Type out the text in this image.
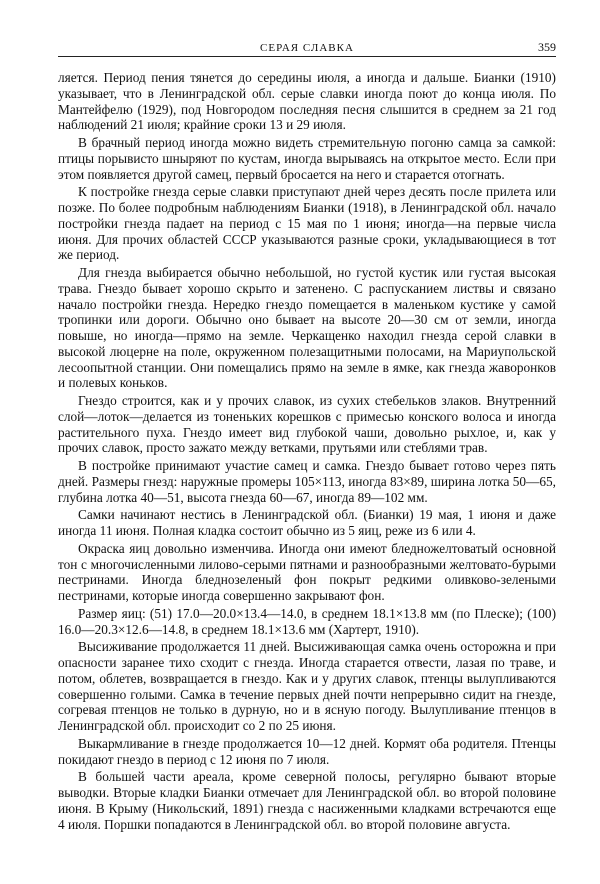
СЕРАЯ СЛАВКА	359

ляется. Период пения тянется до середины июля, а иногда и дальше. Бианки (1910) указывает, что в Ленинградской обл. серые славки иногда поют до конца июля. По Мантейфелю (1929), под Новгородом последняя песня слышится в среднем за 21 год наблюдений 21 июля; крайние сроки 13 и 29 июля.

В брачный период иногда можно видеть стремительную погоню самца за самкой: птицы порывисто шныряют по кустам, иногда вырываясь на открытое место. Если при этом появляется другой самец, первый бросается на него и старается отогнать.

К постройке гнезда серые славки приступают дней через десять после прилета или позже. По более подробным наблюдениям Бианки (1918), в Ленинградской обл. начало постройки гнезда падает на период с 15 мая по 1 июня; иногда—на первые числа июня. Для прочих областей СССР указываются разные сроки, укладывающиеся в тот же период.

Для гнезда выбирается обычно небольшой, но густой кустик или густая высокая трава. Гнездо бывает хорошо скрыто и затенено. С распусканием листвы и связано начало постройки гнезда. Нередко гнездо помещается в маленьком кустике у самой тропинки или дороги. Обычно оно бывает на высоте 20—30 см от земли, иногда повыше, но иногда—прямо на земле. Черкащенко находил гнезда серой славки в высокой люцерне на поле, окруженном полезащитными полосами, на Мариупольской лесоопытной станции. Они помещались прямо на земле в ямке, как гнезда жаворонков и полевых коньков.

Гнездо строится, как и у прочих славок, из сухих стебельков злаков. Внутренний слой—лоток—делается из тоненьких корешков с примесью конского волоса и иногда растительного пуха. Гнездо имеет вид глубокой чаши, довольно рыхлое, и, как у прочих славок, просто зажато между ветками, прутьями или стеблями трав.

В постройке принимают участие самец и самка. Гнездо бывает готово через пять дней. Размеры гнезд: наружные промеры 105×113, иногда 83×89, ширина лотка 50—65, глубина лотка 40—51, высота гнезда 60—67, иногда 89—102 мм.

Самки начинают нестись в Ленинградской обл. (Бианки) 19 мая, 1 июня и даже иногда 11 июня. Полная кладка состоит обычно из 5 яиц, реже из 6 или 4.

Окраска яиц довольно изменчива. Иногда они имеют бледножелтоватый основной тон с многочисленными лилово-серыми пятнами и разнообразными желтовато-бурыми пестринами. Иногда бледнозеленый фон покрыт редкими оливково-зелеными пестринами, которые иногда совершенно закрывают фон.

Размер яиц: (51) 17.0—20.0×13.4—14.0, в среднем 18.1×13.8 мм (по Плеске); (100) 16.0—20.3×12.6—14.8, в среднем 18.1×13.6 мм (Хартерт, 1910).

Высиживание продолжается 11 дней. Высиживающая самка очень осторожна и при опасности заранее тихо сходит с гнезда. Иногда старается отвести, лазая по траве, и потом, облетев, возвращается в гнездо. Как и у других славок, птенцы вылупливаются совершенно голыми. Самка в течение первых дней почти непрерывно сидит на гнезде, согревая птенцов не только в дурную, но и в ясную погоду. Вылупливание птенцов в Ленинградской обл. происходит со 2 по 25 июня.

Выкармливание в гнезде продолжается 10—12 дней. Кормят оба родителя. Птенцы покидают гнездо в период с 12 июня по 7 июля.

В большей части ареала, кроме северной полосы, регулярно бывают вторые выводки. Вторые кладки Бианки отмечает для Ленинградской обл. во второй половине июня. В Крыму (Никольский, 1891) гнезда с насиженными кладками встречаются еще 4 июля. Поршки попадаются в Ленинградской обл. во второй половине августа.
